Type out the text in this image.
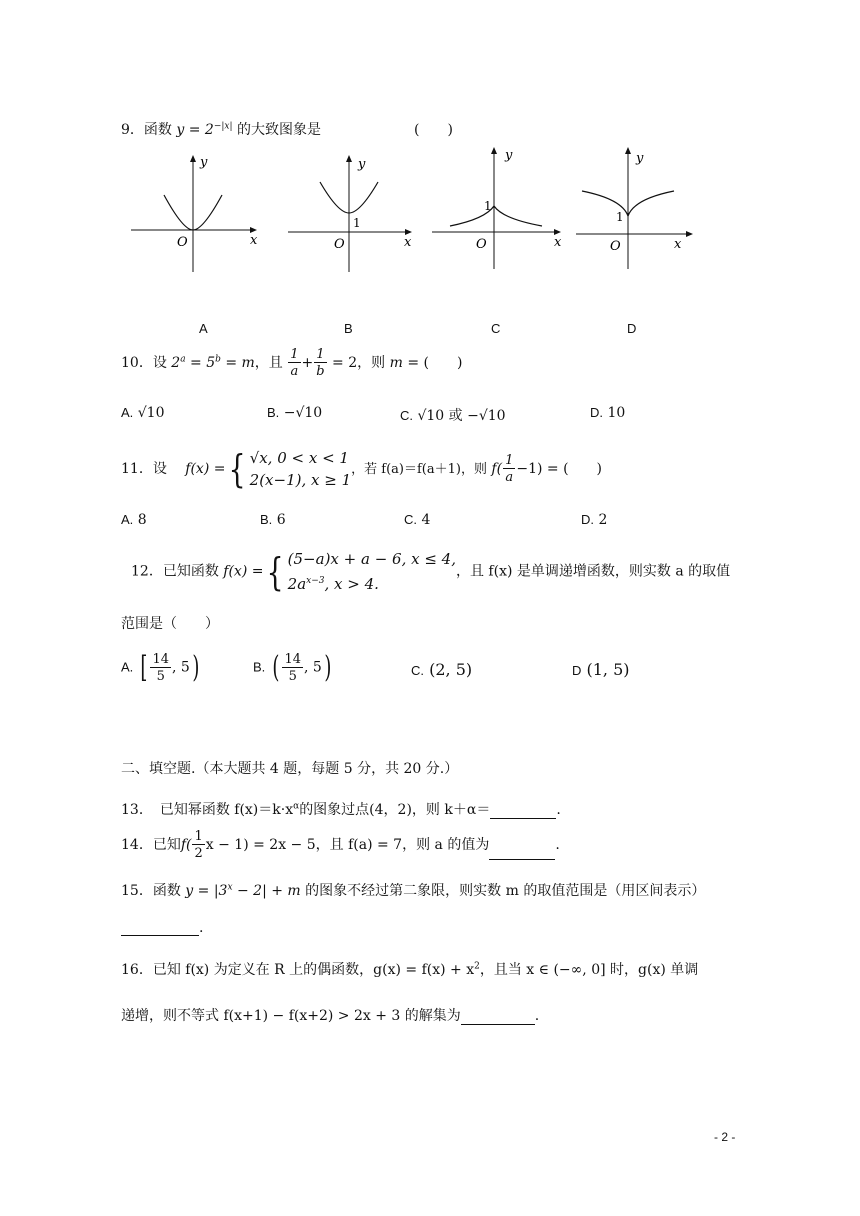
9．函数 $y = 2^{-|x|}$ 的大致图象是	(　　)
y
x
O
y
x
O
1
y
x
O
1
y
x
O
1
A	B	C	D
10．设 $2^a = 5^b = m$，且 $\frac{1}{a} + \frac{1}{b} = 2$，则 m = (　　)
A. √10	B. −√10	C. √10 或 −√10	D. 10
11．设 f(x) ={ √x, 0 < x < 1
2(x−1), x ≥ 1
，若 f(a)＝f(a＋1)，则 $f( \frac{1}{a} -1)$ = (　　)
A. 8	B. 6	C. 4	D. 2
12．已知函数 f(x) ={ (5−a)x + a − 6, x ≤ 4,
$2a^{x-3}$, x > 4.
，且 f(x) 是单调递增函数，则实数 a 的取值
范围是（　　）
A. [ $\frac{14}{5}$ , 5)	B. ( $\frac{14}{5}$ , 5)	C. (2, 5)	D (1, 5)
二、填空题.（本大题共 4 题，每题 5 分，共 20 分.）
13．　已知幂函数 $f(x)=k\cdot x^\alpha$的图象过点(4，2)，则 k＋α＝	.
14．已知$f( \frac{1}{2}$ x − 1) = 2x − 5，且 f(a) = 7，则 a 的值为	.
15．函数 $y = |3^x - 2| + m$ 的图象不经过第二象限，则实数 m 的取值范围是（用区间表示）
.
16．已知 f(x) 为定义在 R 上的偶函数，$g(x) = f(x) + x^2$，且当 x ∈ (−∞, 0] 时，g(x) 单调
递增，则不等式 f(x+1) − f(x+2) > 2x + 3 的解集为	.
- 2 -
